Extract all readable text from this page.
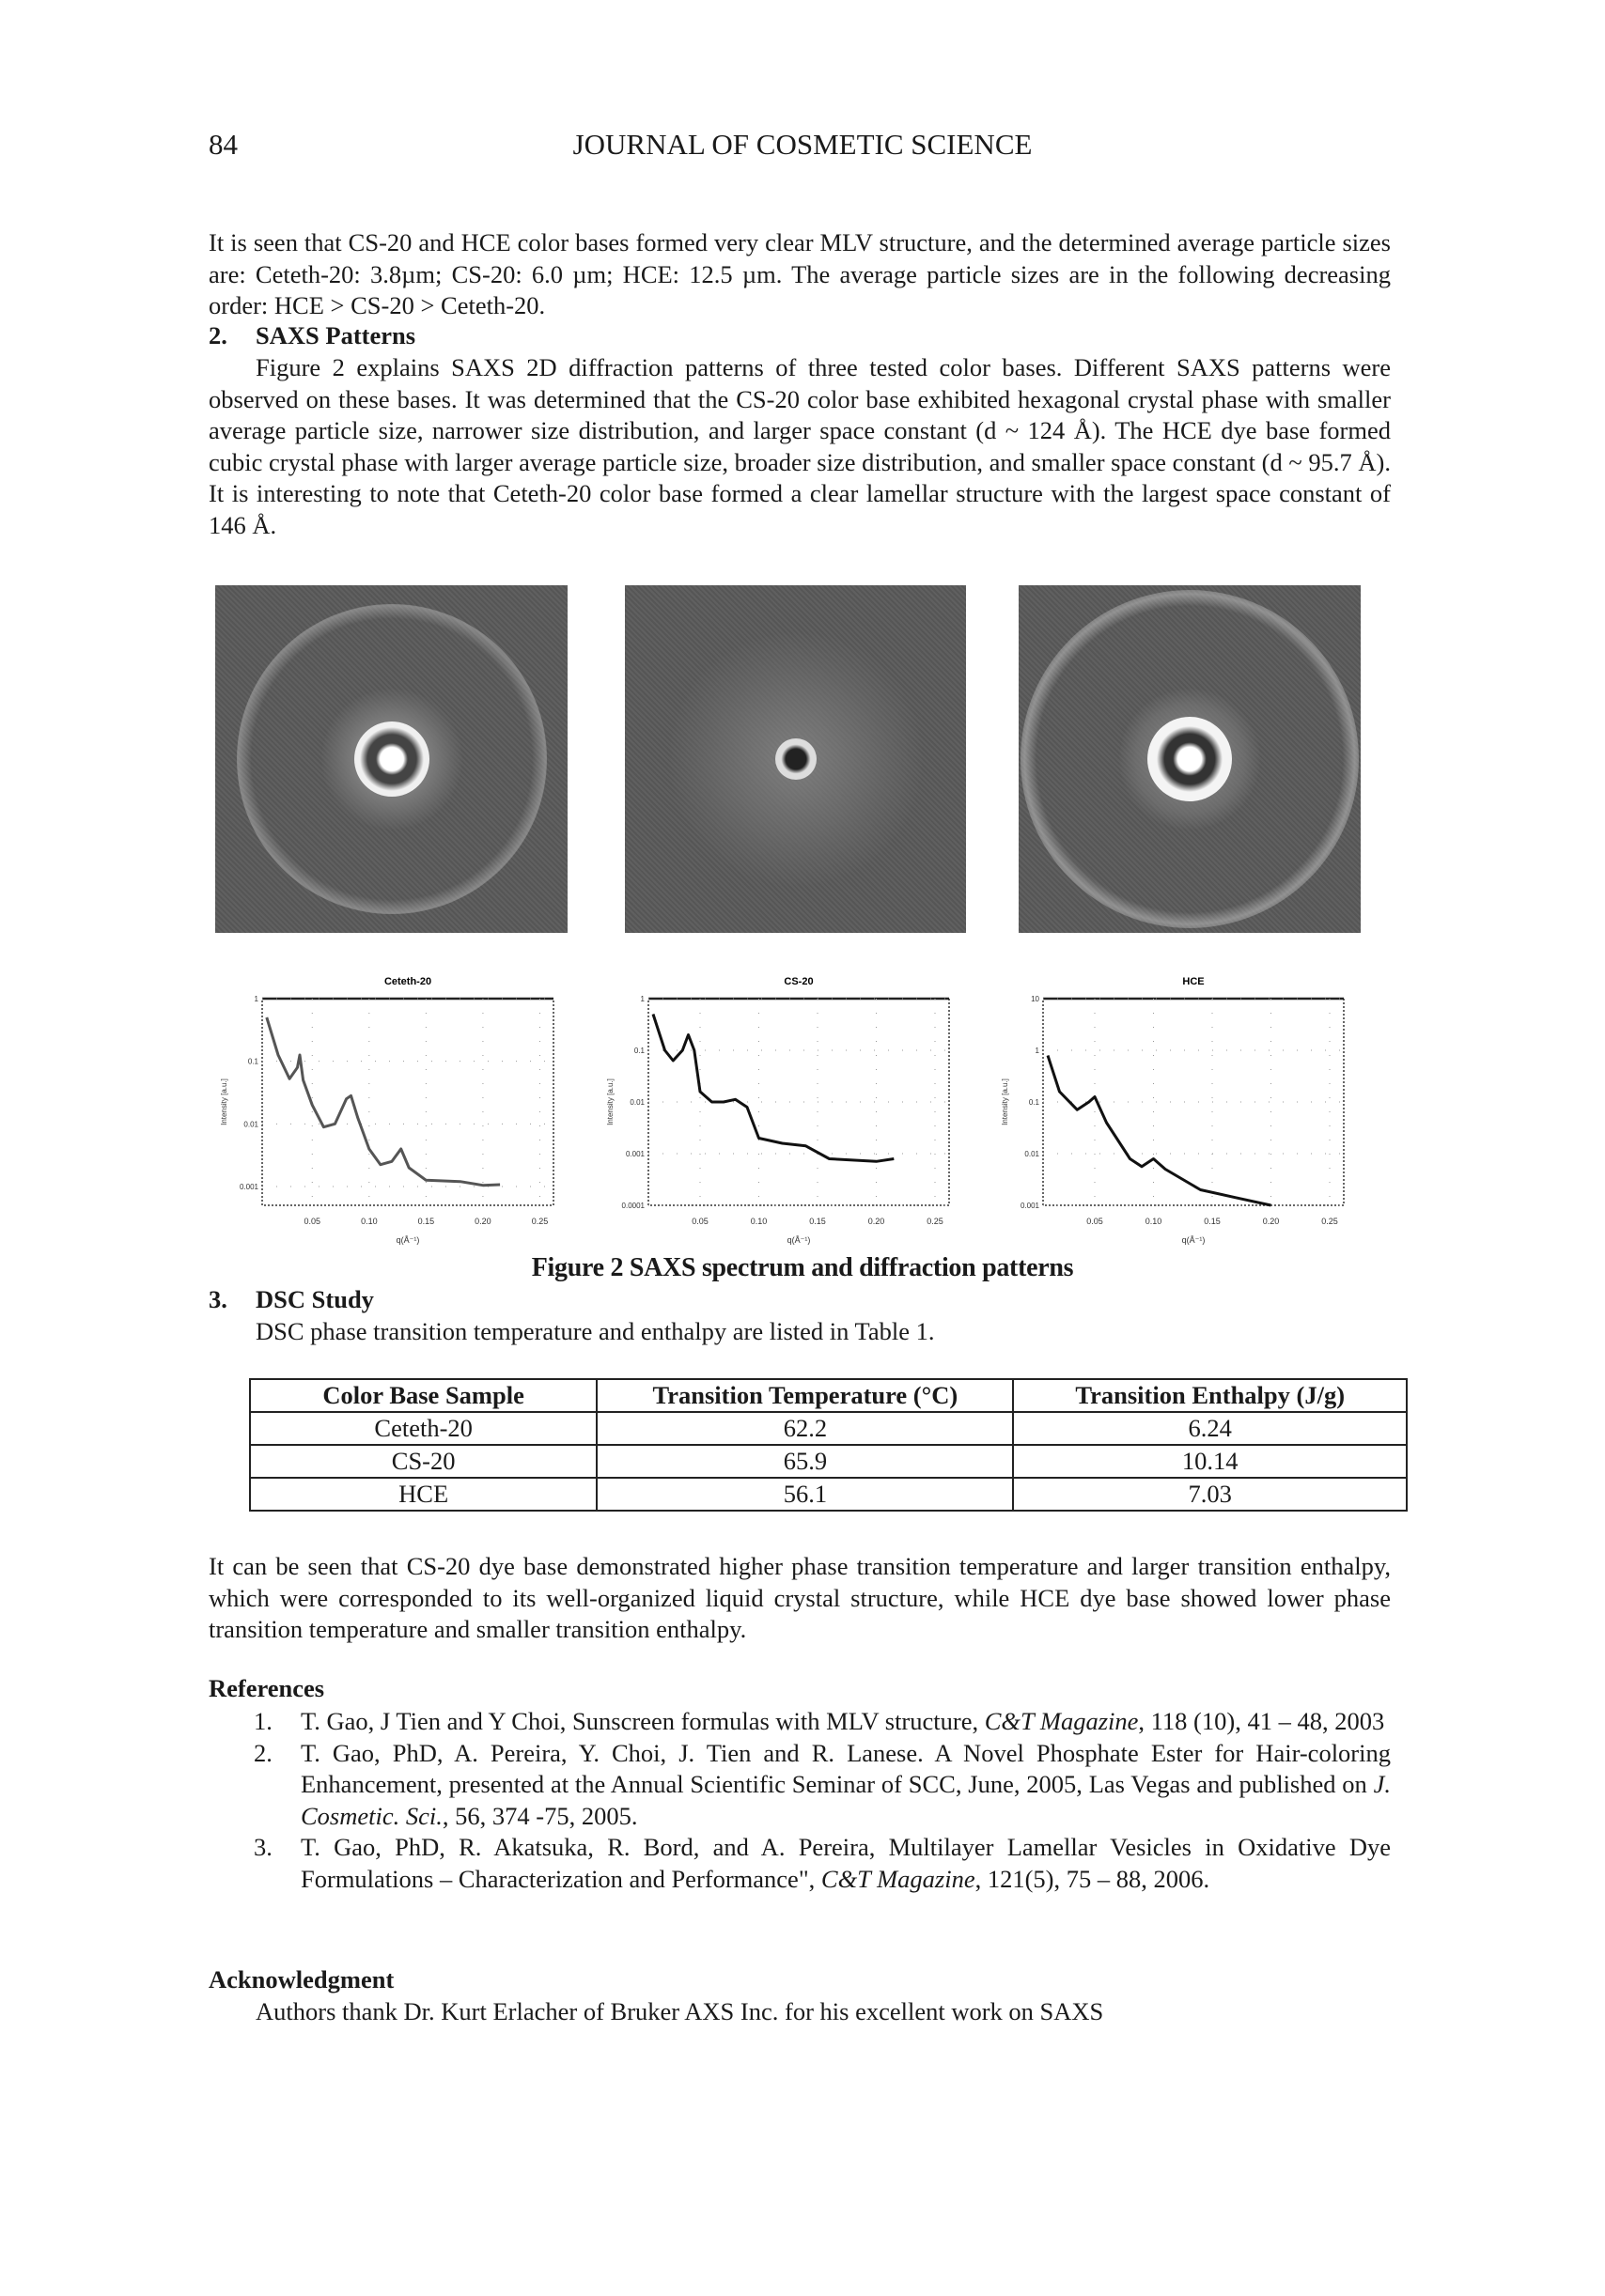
84	JOURNAL OF COSMETIC SCIENCE

It is seen that CS-20 and HCE color bases formed very clear MLV structure, and the determined average particle sizes are: Ceteth-20: 3.8µm; CS-20: 6.0 µm; HCE: 12.5 µm. The average particle sizes are in the following decreasing order: HCE > CS-20 > Ceteth-20.

2. SAXS Patterns

Figure 2 explains SAXS 2D diffraction patterns of three tested color bases. Different SAXS patterns were observed on these bases. It was determined that the CS-20 color base exhibited hexagonal crystal phase with smaller average particle size, narrower size distribution, and larger space constant (d ~ 124 Å). The HCE dye base formed cubic crystal phase with larger average particle size, broader size distribution, and smaller space constant (d ~ 95.7 Å). It is interesting to note that Ceteth-20 color base formed a clear lamellar structure with the largest space constant of 146 Å.

Ceteth-20
0.05	0.10	0.15	0.20	0.25
1
0.1
0.01
0.001
q(Å⁻¹)
Intensity [a.u.]
CS-20
0.05	0.10	0.15	0.20	0.25
1
0.1
0.01
0.001
0.0001
q(Å⁻¹)
Intensity [a.u.]
HCE
0.05	0.10	0.15	0.20	0.25
10
1
0.1
0.01
0.001
q(Å⁻¹)
Intensity [a.u.]
Figure 2 SAXS spectrum and diffraction patterns
3. DSC Study
DSC phase transition temperature and enthalpy are listed in Table 1.
Color Base Sample	Transition Temperature (°C)	Transition Enthalpy (J/g)
Ceteth-20	62.2	6.24
CS-20	65.9	10.14
HCE	56.1	7.03

It can be seen that CS-20 dye base demonstrated higher phase transition temperature and larger transition enthalpy, which were corresponded to its well-organized liquid crystal structure, while HCE dye base showed lower phase transition temperature and smaller transition enthalpy.

References
1.	T. Gao, J Tien and Y Choi, Sunscreen formulas with MLV structure, C&T Magazine, 118 (10), 41 – 48, 2003
2.	T. Gao, PhD, A. Pereira, Y. Choi, J. Tien and R. Lanese. A Novel Phosphate Ester for Hair-coloring Enhancement, presented at the Annual Scientific Seminar of SCC, June, 2005, Las Vegas and published on J. Cosmetic. Sci., 56, 374 -75, 2005.
3.	T. Gao, PhD, R. Akatsuka, R. Bord, and A. Pereira, Multilayer Lamellar Vesicles in Oxidative Dye Formulations – Characterization and Performance", C&T Magazine, 121(5), 75 – 88, 2006.
Acknowledgment
Authors thank Dr. Kurt Erlacher of Bruker AXS Inc. for his excellent work on SAXS
